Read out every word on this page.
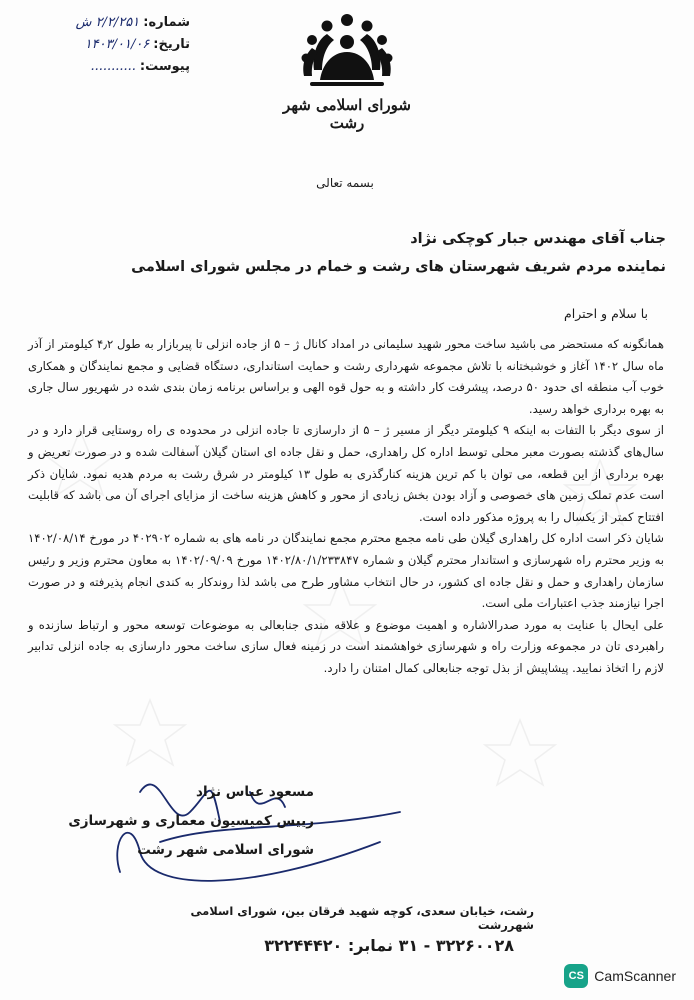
شماره:
۲/۲/۲۵۱ ش
تاریخ:
۱۴۰۳/۰۱/۰۶
پیوست:
...........
شورای اسلامی شهر رشت
بسمه تعالی
جناب آقای مهندس جبار کوچکی نژاد
نماینده مردم شریف شهرستان های رشت و خمام در مجلس شورای اسلامی
با سلام و احترام

همانگونه که مستحضر می باشید ساخت محور شهید سلیمانی در امداد کانال ژ – ۵ از جاده انزلی تا پیربازار به طول ۴٫۲ کیلومتر از آذر ماه سال ۱۴۰۲ آغاز و خوشبختانه با تلاش مجموعه شهرداری رشت و حمایت استانداری، دستگاه قضایی و مجمع نمایندگان و همکاری خوب آب منطقه ای حدود ۵۰ درصد، پیشرفت کار داشته و به حول قوه الهی و براساس برنامه زمان بندی شده در شهریور سال جاری به بهره برداری خواهد رسید.

از سوی دیگر با التفات به اینکه ۹ کیلومتر دیگر از مسیر ژ – ۵ از دارسازی تا جاده انزلی در محدوده ی راه روستایی قرار دارد و در سال‌های گذشته بصورت معبر محلی توسط اداره کل راهداری، حمل و نقل جاده ای استان گیلان آسفالت شده و در صورت تعریض و بهره برداری از این قطعه، می توان با کم ترین هزینه کنارگذری به طول ۱۳ کیلومتر در شرق رشت به مردم هدیه نمود. شایان ذکر است عدم تملک زمین های خصوصی و آزاد بودن بخش زیادی از محور و کاهش هزینه ساخت از مزایای اجرای آن می باشد که قابلیت افتتاح کمتر از یکسال را به پروژه مذکور داده است.

شایان ذکر است اداره کل راهداری گیلان طی نامه مجمع محترم مجمع نمایندگان در نامه های به شماره ۴۰۲۹۰۲ در مورخ ۱۴۰۲/۰۸/۱۴ به وزیر محترم راه شهرسازی و استاندار محترم گیلان و شماره ۱۴۰۲/۸۰/۱/۲۳۳۸۴۷ مورخ ۱۴۰۲/۰۹/۰۹ به معاون محترم وزیر و رئیس سازمان راهداری و حمل و نقل جاده ای کشور، در حال انتخاب مشاور طرح می باشد لذا روندکار به کندی انجام پذیرفته و در صورت اجرا نیازمند جذب اعتبارات ملی است.

علی ایحال با عنایت به مورد صدرالاشاره و اهمیت موضوع و علاقه مندی جنابعالی به موضوعات توسعه محور و ارتباط سازنده و راهبردی تان در مجموعه وزارت راه و شهرسازی خواهشمند است در زمینه فعال سازی ساخت محور دارسازی به جاده انزلی تدابیر لازم را اتخاذ نمایید. پیشاپیش از بذل توجه جنابعالی کمال امتنان را دارد.

مسعود عباس نژاد
رییس کمیسیون معماری و شهرسازی
شورای اسلامی شهر رشت
رشت، خیابان سعدی، کوچه شهید فرقان بین، شورای اسلامی شهررشت
۳۲۲۶۰۰۲۸ - ۳۱ نمابر: ۳۲۲۴۴۴۲۰
CS CamScanner
